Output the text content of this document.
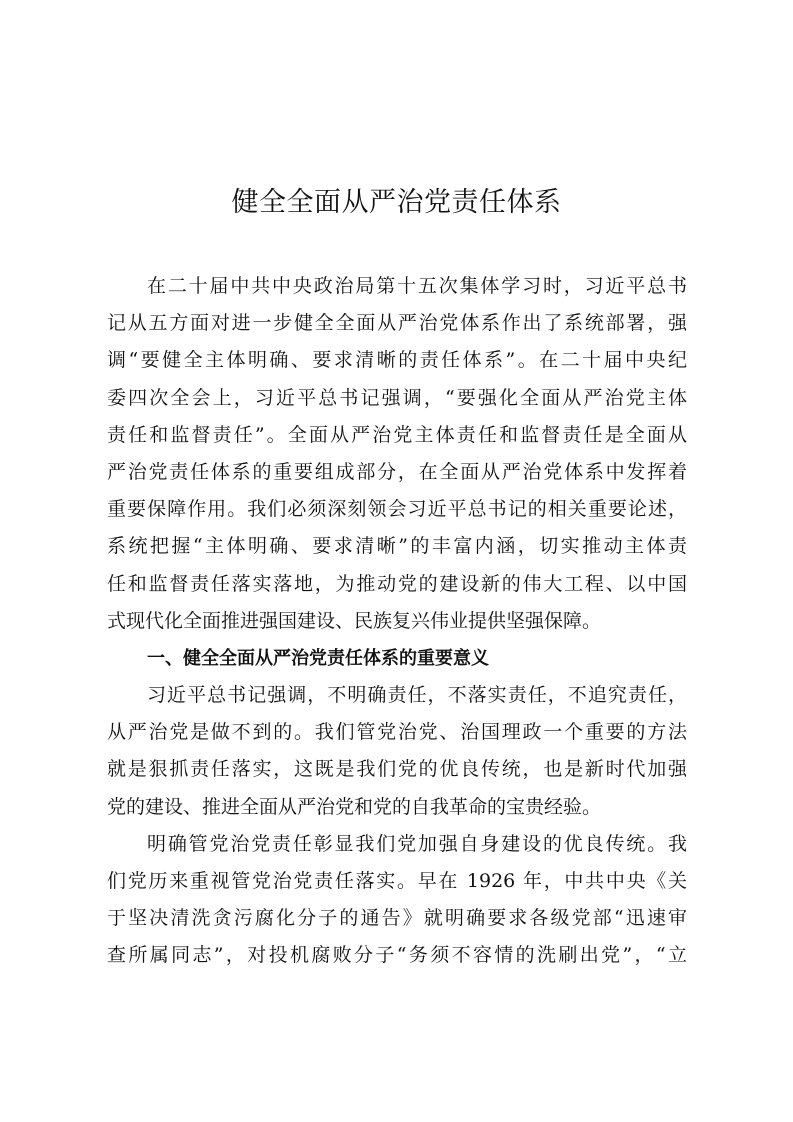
健全全面从严治党责任体系
在二十届中共中央政治局第十五次集体学习时，习近平总书
记从五方面对进一步健全全面从严治党体系作出了系统部署，强
调“要健全主体明确、要求清晰的责任体系”。在二十届中央纪
委四次全会上，习近平总书记强调，“要强化全面从严治党主体
责任和监督责任”。全面从严治党主体责任和监督责任是全面从
严治党责任体系的重要组成部分，在全面从严治党体系中发挥着
重要保障作用。我们必须深刻领会习近平总书记的相关重要论述，
系统把握“主体明确、要求清晰”的丰富内涵，切实推动主体责
任和监督责任落实落地，为推动党的建设新的伟大工程、以中国
式现代化全面推进强国建设、民族复兴伟业提供坚强保障。
一、健全全面从严治党责任体系的重要意义
习近平总书记强调，不明确责任，不落实责任，不追究责任，
从严治党是做不到的。我们管党治党、治国理政一个重要的方法
就是狠抓责任落实，这既是我们党的优良传统，也是新时代加强
党的建设、推进全面从严治党和党的自我革命的宝贵经验。
明确管党治党责任彰显我们党加强自身建设的优良传统。我
们党历来重视管党治党责任落实。早在 1926 年，中共中央《关
于坚决清洗贪污腐化分子的通告》就明确要求各级党部“迅速审
查所属同志”，对投机腐败分子“务须不容情的洗刷出党”，“立
